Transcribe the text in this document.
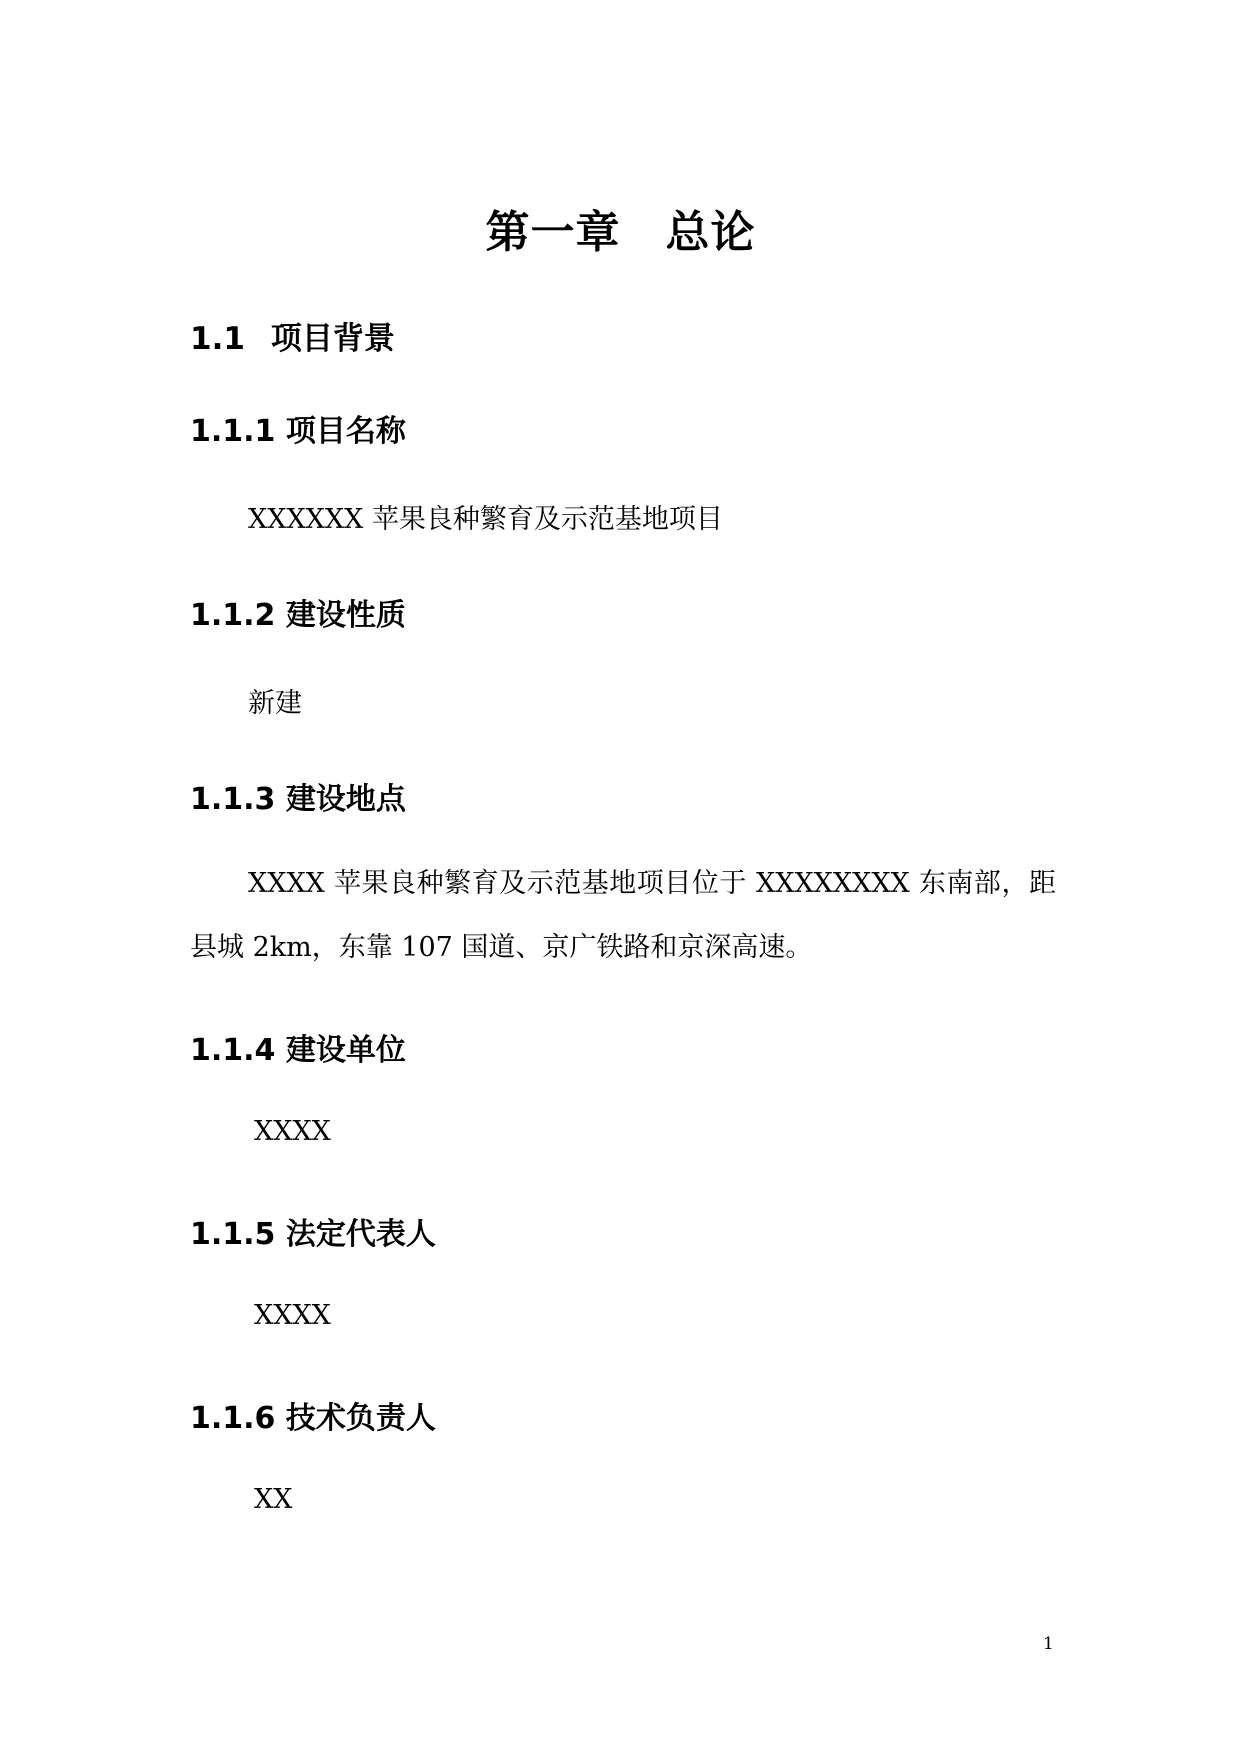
第一章　总论
1.1 项目背景
1.1.1 项目名称
XXXXXX 苹果良种繁育及示范基地项目
1.1.2 建设性质
新建
1.1.3 建设地点
XXXX 苹果良种繁育及示范基地项目位于 XXXXXXXX 东南部，距县城 2km，东靠 107 国道、京广铁路和京深高速。
1.1.4 建设单位
XXXX
1.1.5 法定代表人
XXXX
1.1.6 技术负责人
XX
1
